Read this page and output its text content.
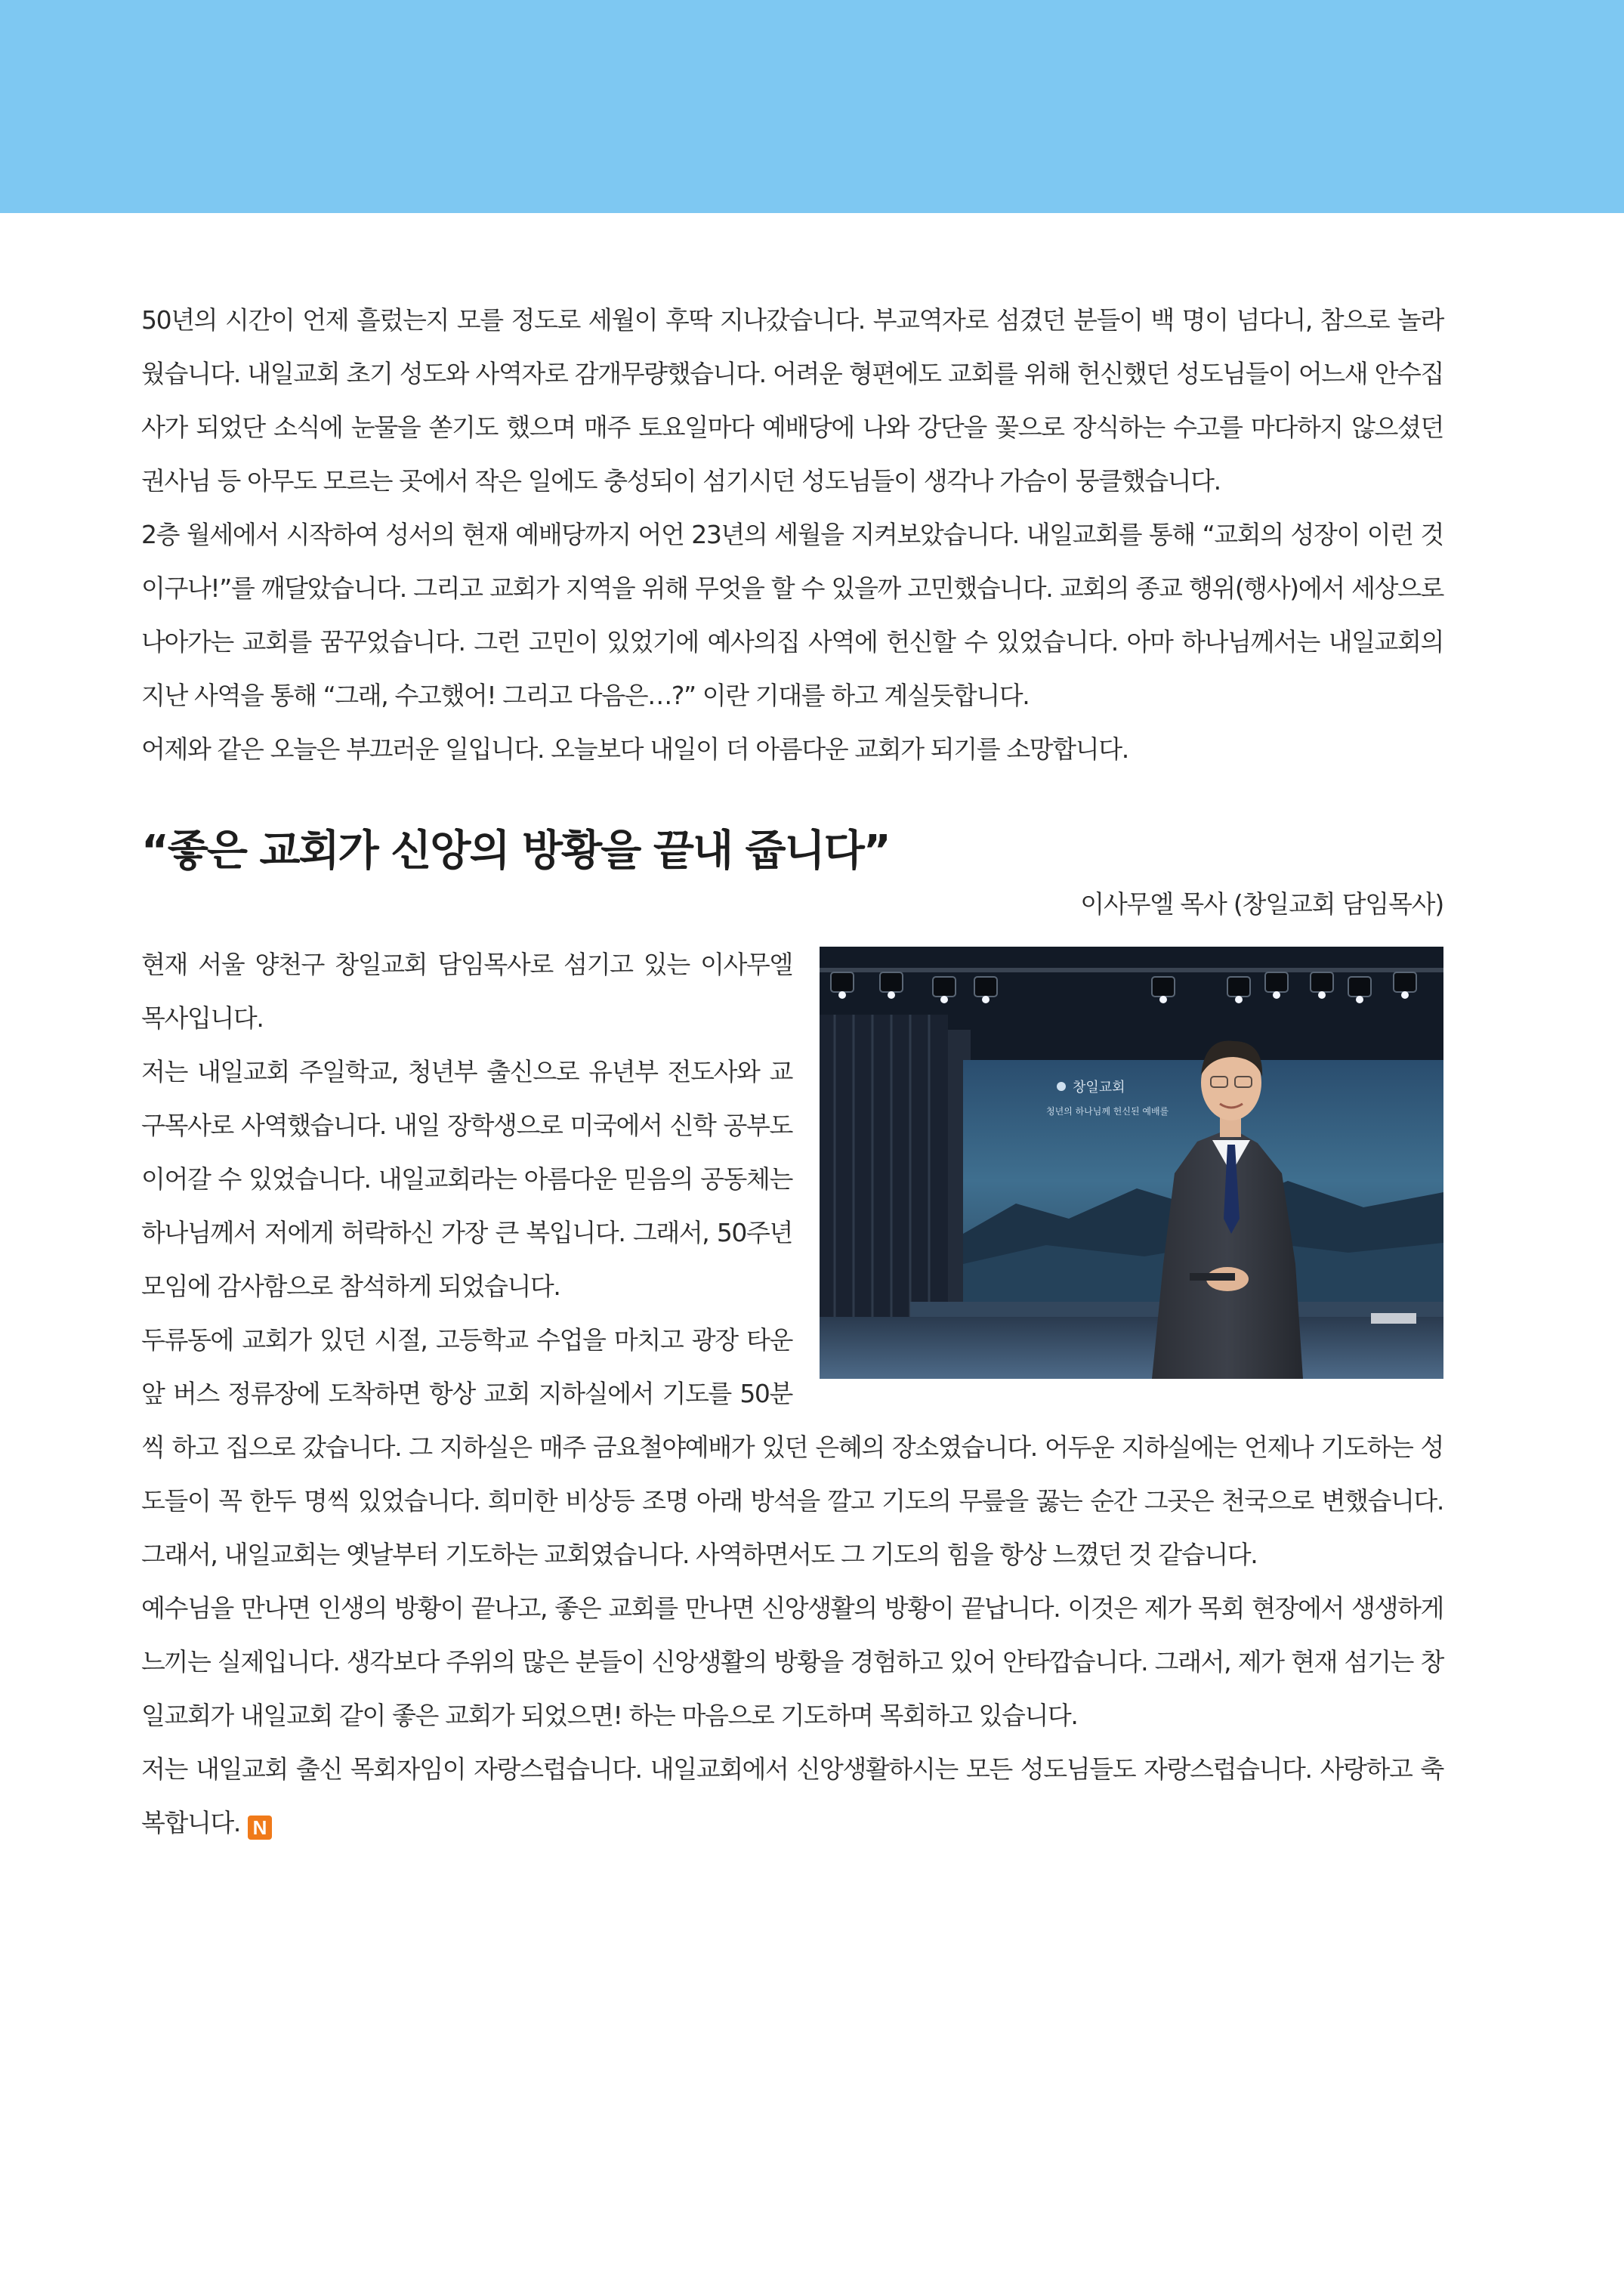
50년의 시간이 언제 흘렀는지 모를 정도로 세월이 후딱 지나갔습니다. 부교역자로 섬겼던 분들이 백 명이 넘다니, 참으로 놀라웠습니다. 내일교회 초기 성도와 사역자로 감개무량했습니다. 어려운 형편에도 교회를 위해 헌신했던 성도님들이 어느새 안수집사가 되었단 소식에 눈물을 쏟기도 했으며 매주 토요일마다 예배당에 나와 강단을 꽃으로 장식하는 수고를 마다하지 않으셨던 권사님 등 아무도 모르는 곳에서 작은 일에도 충성되이 섬기시던 성도님들이 생각나 가슴이 뭉클했습니다.

2층 월세에서 시작하여 성서의 현재 예배당까지 어언 23년의 세월을 지켜보았습니다. 내일교회를 통해 “교회의 성장이 이런 것이구나!”를 깨달았습니다. 그리고 교회가 지역을 위해 무엇을 할 수 있을까 고민했습니다. 교회의 종교 행위(행사)에서 세상으로 나아가는 교회를 꿈꾸었습니다. 그런 고민이 있었기에 예사의집 사역에 헌신할 수 있었습니다. 아마 하나님께서는 내일교회의 지난 사역을 통해 “그래, 수고했어! 그리고 다음은…?” 이란 기대를 하고 계실듯합니다.

어제와 같은 오늘은 부끄러운 일입니다. 오늘보다 내일이 더 아름다운 교회가 되기를 소망합니다.

“좋은 교회가 신앙의 방황을 끝내 줍니다”

이사무엘 목사 (창일교회 담임목사)

창일교회
청년의 하나님께 헌신된 예배를

현재 서울 양천구 창일교회 담임목사로 섬기고 있는 이사무엘 목사입니다.

저는 내일교회 주일학교, 청년부 출신으로 유년부 전도사와 교구목사로 사역했습니다. 내일 장학생으로 미국에서 신학 공부도 이어갈 수 있었습니다. 내일교회라는 아름다운 믿음의 공동체는 하나님께서 저에게 허락하신 가장 큰 복입니다. 그래서, 50주년 모임에 감사함으로 참석하게 되었습니다.

두류동에 교회가 있던 시절, 고등학교 수업을 마치고 광장 타운 앞 버스 정류장에 도착하면 항상 교회 지하실에서 기도를 50분씩 하고 집으로 갔습니다. 그 지하실은 매주 금요철야예배가 있던 은혜의 장소였습니다. 어두운 지하실에는 언제나 기도하는 성도들이 꼭 한두 명씩 있었습니다. 희미한 비상등 조명 아래 방석을 깔고 기도의 무릎을 꿇는 순간 그곳은 천국으로 변했습니다. 그래서, 내일교회는 옛날부터 기도하는 교회였습니다. 사역하면서도 그 기도의 힘을 항상 느꼈던 것 같습니다.

예수님을 만나면 인생의 방황이 끝나고, 좋은 교회를 만나면 신앙생활의 방황이 끝납니다. 이것은 제가 목회 현장에서 생생하게 느끼는 실제입니다. 생각보다 주위의 많은 분들이 신앙생활의 방황을 경험하고 있어 안타깝습니다. 그래서, 제가 현재 섬기는 창일교회가 내일교회 같이 좋은 교회가 되었으면! 하는 마음으로 기도하며 목회하고 있습니다.

저는 내일교회 출신 목회자임이 자랑스럽습니다. 내일교회에서 신앙생활하시는 모든 성도님들도 자랑스럽습니다. 사랑하고 축복합니다. N
